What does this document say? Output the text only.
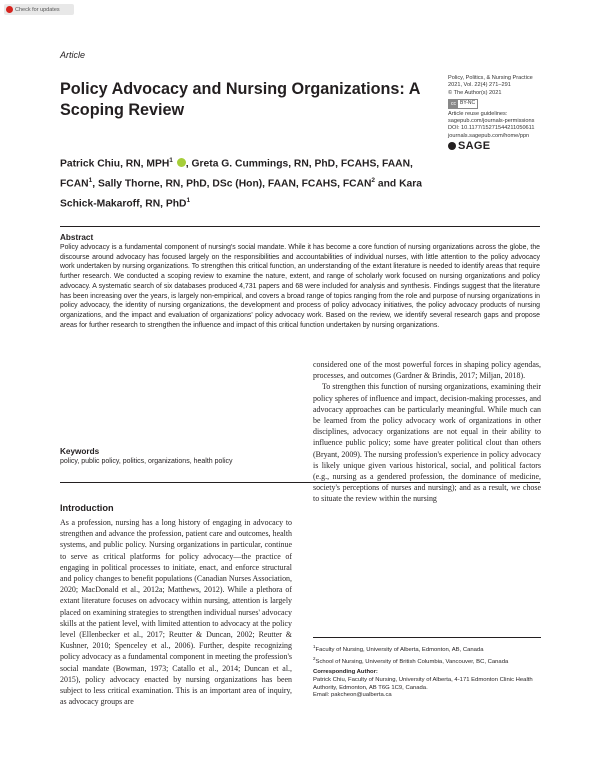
Check for updates
Article
Policy Advocacy and Nursing Organizations: A Scoping Review
Patrick Chiu, RN, MPH$^1$ , Greta G. Cummings, RN, PhD, FCAHS, FAAN, FCAN$^1$, Sally Thorne, RN, PhD, DSc (Hon), FAAN, FCAHS, FCAN$^2$ and Kara Schick-Makaroff, RN, PhD$^1$
Policy, Politics, & Nursing Practice
2021, Vol. 22(4) 271–291
© The Author(s) 2021
cc BY-NC
Article reuse guidelines:
sagepub.com/journals-permissions
DOI: 10.1177/15271544211050611
journals.sagepub.com/home/ppn
SAGE
Abstract
Policy advocacy is a fundamental component of nursing's social mandate. While it has become a core function of nursing organizations across the globe, the discourse around advocacy has focused largely on the responsibilities and accountabilities of individual nurses, with little attention to the policy advocacy work undertaken by nursing organizations. To strengthen this critical function, an understanding of the extant literature is needed to identify areas that require further research. We conducted a scoping review to examine the nature, extent, and range of scholarly work focused on nursing organizations and policy advocacy. A systematic search of six databases produced 4,731 papers and 68 were included for analysis and synthesis. Findings suggest that the literature has been increasing over the years, is largely non-empirical, and covers a broad range of topics ranging from the role and purpose of nursing organizations in policy advocacy, the identity of nursing organizations, the development and process of policy advocacy initiatives, the policy advocacy products of nursing organizations, and the impact and evaluation of organizations' policy advocacy work. Based on the review, we identify several research gaps and propose areas for further research to strengthen the influence and impact of this critical function undertaken by nursing organizations.
Keywords
policy, public policy, politics, organizations, health policy
Introduction

As a profession, nursing has a long history of engaging in advocacy to strengthen and advance the profession, patient care and outcomes, health systems, and public policy. Nursing organizations in particular, continue to serve as critical platforms for policy advocacy—the practice of engaging in political processes to initiate, enact, and enforce structural and policy changes to benefit populations (Canadian Nurses Association, 2020; MacDonald et al., 2012a; Matthews, 2012). While a plethora of extant literature focuses on advocacy within nursing, attention is largely placed on examining strategies to strengthen individual nurses' advocacy skills at the patient level, with limited attention to advocacy at the policy level (Ellenbecker et al., 2017; Reutter & Duncan, 2002; Reutter & Kushner, 2010; Spenceley et al., 2006). Further, despite recognizing policy advocacy as a fundamental component in meeting the profession's social mandate (Bowman, 1973; Catallo et al., 2014; Duncan et al., 2015), policy advocacy enacted by nursing organizations has been subject to less critical examination. This is an important area of inquiry, as advocacy groups are

considered one of the most powerful forces in shaping policy agendas, processes, and outcomes (Gardner & Brindis, 2017; Miljan, 2018).

To strengthen this function of nursing organizations, examining their policy spheres of influence and impact, decision-making processes, and advocacy approaches can be particularly meaningful. While much can be learned from the policy advocacy work of organizations in other disciplines, advocacy organizations are not equal in their ability to influence public policy; some have greater political clout than others (Bryant, 2009). The nursing profession's experience in policy advocacy is likely unique given various historical, social, and political factors (e.g., nursing as a gendered profession, the dominance of medicine, society's perceptions of nurses and nursing); and as a result, we chose to situate the review within the nursing

$^1$Faculty of Nursing, University of Alberta, Edmonton, AB, Canada
$^2$School of Nursing, University of British Columbia, Vancouver, BC, Canada
Corresponding Author:
Patrick Chiu, Faculty of Nursing, University of Alberta, 4-171 Edmonton Clinic Health Authority, Edmonton, AB T6G 1C9, Canada.
Email: pakcheon@ualberta.ca
